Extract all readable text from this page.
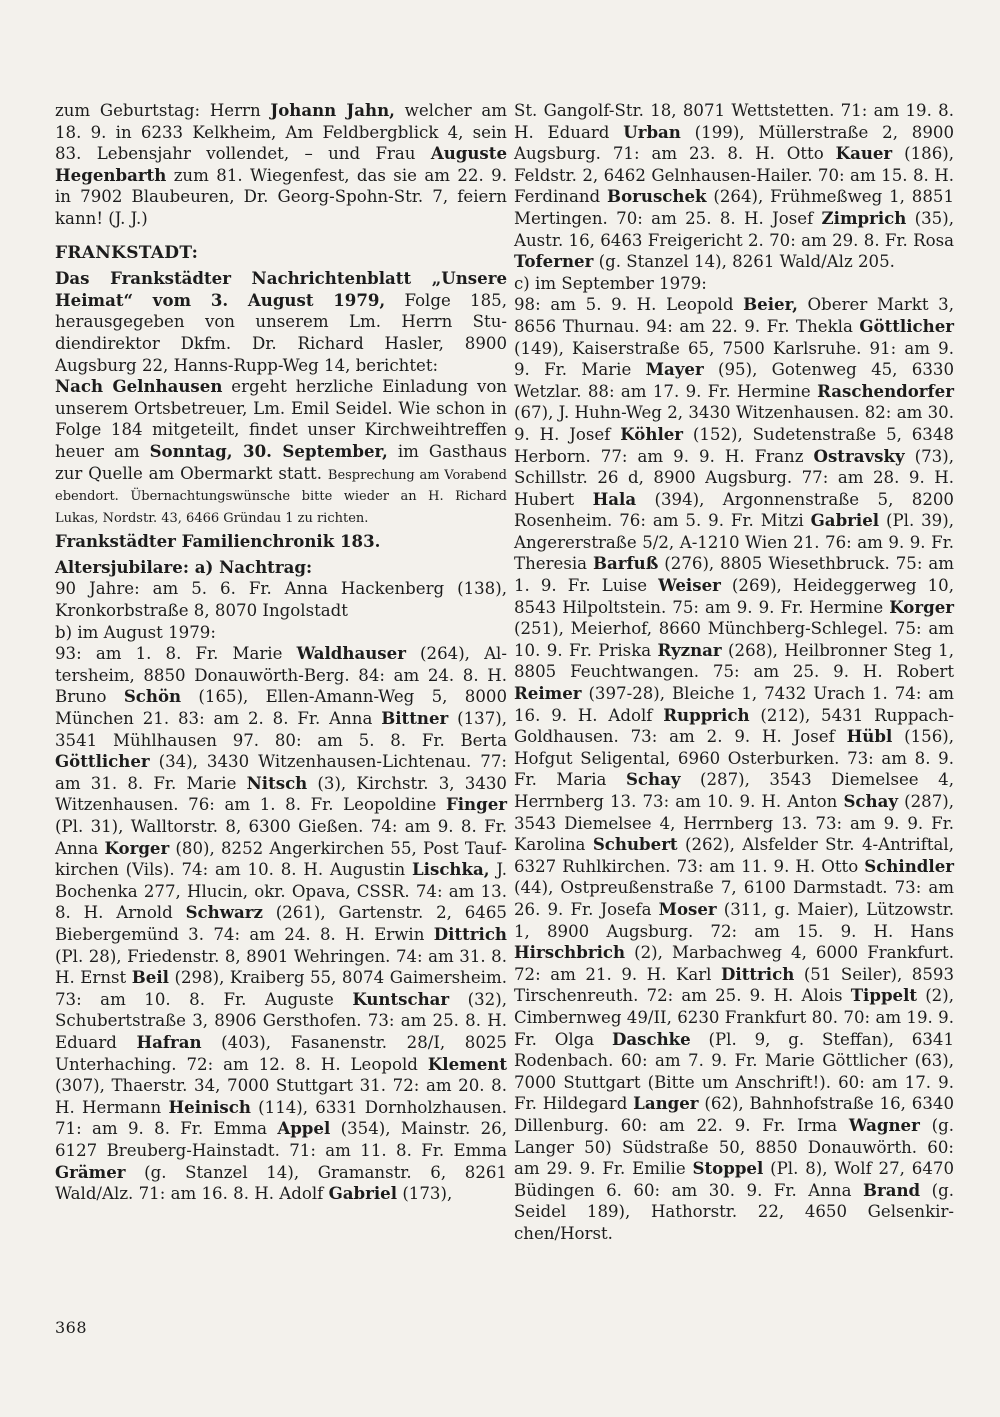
zum Geburtstag: Herrn Johann Jahn, welcher am 18. 9. in 6233 Kelkheim, Am Feldbergblick 4, sein 83. Lebensjahr vollendet, – und Frau Auguste Hegenbarth zum 81. Wiegenfest, das sie am 22. 9. in 7902 Blaubeuren, Dr. Georg-Spohn-Str. 7, feiern kann! (J. J.)

FRANKSTADT:

Das Frankstädter Nachrichtenblatt „Unsere Heimat“ vom 3. August 1979, Folge 185, herausgegeben von unserem Lm. Herrn Studiendirektor Dkfm. Dr. Richard Hasler, 8900 Augsburg 22, Hanns-Rupp-Weg 14, berichtet:

Nach Gelnhausen ergeht herzliche Einladung von unserem Ortsbetreuer, Lm. Emil Seidel. Wie schon in Folge 184 mitgeteilt, findet unser Kirchweihtreffen heuer am Sonntag, 30. September, im Gasthaus zur Quelle am Obermarkt statt. Besprechung am Vorabend ebendort. Übernachtungswünsche bitte wieder an H. Richard Lukas, Nordstr. 43, 6466 Gründau 1 zu richten.

Frankstädter Familienchronik 183.

Altersjubilare: a) Nachtrag:

90 Jahre: am 5. 6. Fr. Anna Hackenberg (138), Kronkorbstraße 8, 8070 Ingolstadt

b) im August 1979:

93: am 1. 8. Fr. Marie Waldhauser (264), Altersheim, 8850 Donauwörth-Berg. 84: am 24. 8. H. Bruno Schön (165), Ellen-Amann-Weg 5, 8000 München 21. 83: am 2. 8. Fr. Anna Bittner (137), 3541 Mühlhausen 97. 80: am 5. 8. Fr. Berta Göttlicher (34), 3430 Witzenhausen-Lichtenau. 77: am 31. 8. Fr. Marie Nitsch (3), Kirchstr. 3, 3430 Witzenhausen. 76: am 1. 8. Fr. Leopoldine Finger (Pl. 31), Walltorstr. 8, 6300 Gießen. 74: am 9. 8. Fr. Anna Korger (80), 8252 Angerkirchen 55, Post Taufkirchen (Vils). 74: am 10. 8. H. Augustin Lischka, J. Bochenka 277, Hlucin, okr. Opava, CSSR. 74: am 13. 8. H. Arnold Schwarz (261), Gartenstr. 2, 6465 Biebergemünd 3. 74: am 24. 8. H. Erwin Dittrich (Pl. 28), Friedenstr. 8, 8901 Wehringen. 74: am 31. 8. H. Ernst Beil (298), Kraiberg 55, 8074 Gaimersheim. 73: am 10. 8. Fr. Auguste Kuntschar (32), Schubertstraße 3, 8906 Gersthofen. 73: am 25. 8. H. Eduard Hafran (403), Fasanenstr. 28/I, 8025 Unterhaching. 72: am 12. 8. H. Leopold Klement (307), Thaerstr. 34, 7000 Stuttgart 31. 72: am 20. 8. H. Hermann Heinisch (114), 6331 Dornholzhausen. 71: am 9. 8. Fr. Emma Appel (354), Mainstr. 26, 6127 Breuberg-Hainstadt. 71: am 11. 8. Fr. Emma Grämer (g. Stanzel 14), Gramanstr. 6, 8261 Wald/Alz. 71: am 16. 8. H. Adolf Gabriel (173),

St. Gangolf-Str. 18, 8071 Wettstetten. 71: am 19. 8. H. Eduard Urban (199), Müllerstraße 2, 8900 Augsburg. 71: am 23. 8. H. Otto Kauer (186), Feldstr. 2, 6462 Gelnhausen-Hailer. 70: am 15. 8. H. Ferdinand Boruschek (264), Frühmeßweg 1, 8851 Mertingen. 70: am 25. 8. H. Josef Zimprich (35), Austr. 16, 6463 Freigericht 2. 70: am 29. 8. Fr. Rosa Toferner (g. Stanzel 14), 8261 Wald/Alz 205.

c) im September 1979:

98: am 5. 9. H. Leopold Beier, Oberer Markt 3, 8656 Thurnau. 94: am 22. 9. Fr. Thekla Göttlicher (149), Kaiserstraße 65, 7500 Karlsruhe. 91: am 9. 9. Fr. Marie Mayer (95), Gotenweg 45, 6330 Wetzlar. 88: am 17. 9. Fr. Hermine Raschendorfer (67), J. Huhn-Weg 2, 3430 Witzenhausen. 82: am 30. 9. H. Josef Köhler (152), Sudetenstraße 5, 6348 Herborn. 77: am 9. 9. H. Franz Ostravsky (73), Schillstr. 26 d, 8900 Augsburg. 77: am 28. 9. H. Hubert Hala (394), Argonnenstraße 5, 8200 Rosenheim. 76: am 5. 9. Fr. Mitzi Gabriel (Pl. 39), Angererstraße 5/2, A-1210 Wien 21. 76: am 9. 9. Fr. Theresia Barfuß (276), 8805 Wiesethbruck. 75: am 1. 9. Fr. Luise Weiser (269), Heideggerweg 10, 8543 Hilpoltstein. 75: am 9. 9. Fr. Hermine Korger (251), Meierhof, 8660 Münchberg-Schlegel. 75: am 10. 9. Fr. Priska Ryznar (268), Heilbronner Steg 1, 8805 Feuchtwangen. 75: am 25. 9. H. Robert Reimer (397-28), Bleiche 1, 7432 Urach 1. 74: am 16. 9. H. Adolf Rupprich (212), 5431 Ruppach-Goldhausen. 73: am 2. 9. H. Josef Hübl (156), Hofgut Seligental, 6960 Osterburken. 73: am 8. 9. Fr. Maria Schay (287), 3543 Diemelsee 4, Herrnberg 13. 73: am 10. 9. H. Anton Schay (287), 3543 Diemelsee 4, Herrnberg 13. 73: am 9. 9. Fr. Karolina Schubert (262), Alsfelder Str. 4-Antriftal, 6327 Ruhlkirchen. 73: am 11. 9. H. Otto Schindler (44), Ostpreußenstraße 7, 6100 Darmstadt. 73: am 26. 9. Fr. Josefa Moser (311, g. Maier), Lützowstr. 1, 8900 Augsburg. 72: am 15. 9. H. Hans Hirschbrich (2), Marbachweg 4, 6000 Frankfurt. 72: am 21. 9. H. Karl Dittrich (51 Seiler), 8593 Tirschenreuth. 72: am 25. 9. H. Alois Tippelt (2), Cimbernweg 49/II, 6230 Frankfurt 80. 70: am 19. 9. Fr. Olga Daschke (Pl. 9, g. Steffan), 6341 Rodenbach. 60: am 7. 9. Fr. Marie Göttlicher (63), 7000 Stuttgart (Bitte um Anschrift!). 60: am 17. 9. Fr. Hildegard Langer (62), Bahnhofstraße 16, 6340 Dillenburg. 60: am 22. 9. Fr. Irma Wagner (g. Langer 50) Südstraße 50, 8850 Donauwörth. 60: am 29. 9. Fr. Emilie Stoppel (Pl. 8), Wolf 27, 6470 Büdingen 6. 60: am 30. 9. Fr. Anna Brand (g. Seidel 189), Hathorstr. 22, 4650 Gelsenkirchen/Horst.

368
